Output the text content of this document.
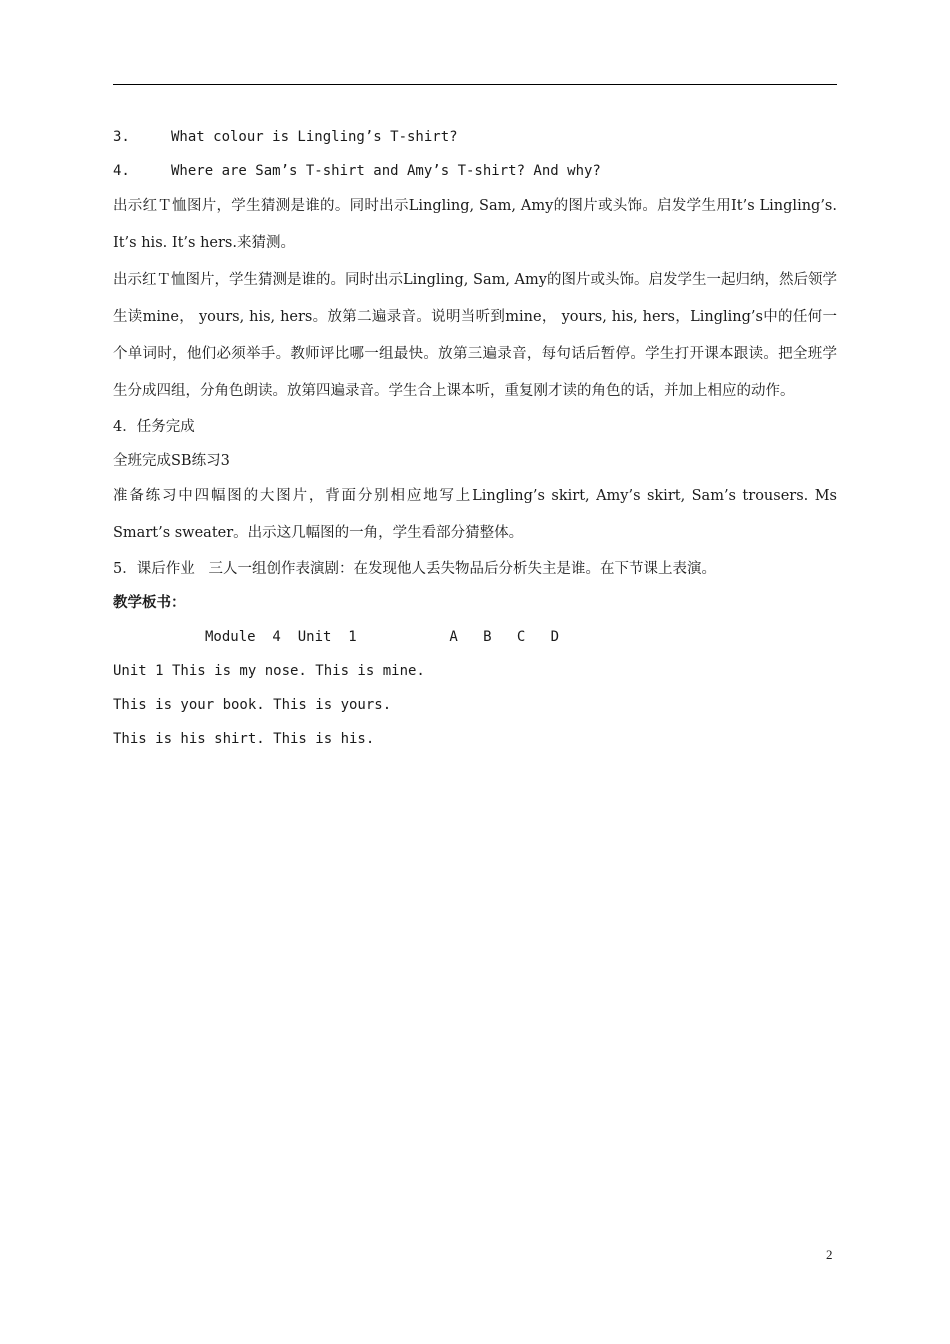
3.	What colour is Lingling’s T-shirt?
4.	Where are Sam’s T-shirt and Amy’s T-shirt? And why?

出示红Ｔ恤图片，学生猜测是谁的。同时出示Lingling, Sam, Amy的图片或头饰。启发学生用It’s Lingling’s. It’s his. It’s hers.来猜测。

出示红Ｔ恤图片，学生猜测是谁的。同时出示Lingling, Sam, Amy的图片或头饰。启发学生一起归纳，然后领学生读mine， yours, his, hers。放第二遍录音。说明当听到mine， yours, his, hers，Lingling’s中的任何一个单词时，他们必须举手。教师评比哪一组最快。放第三遍录音，每句话后暂停。学生打开课本跟读。把全班学生分成四组，分角色朗读。放第四遍录音。学生合上课本听，重复刚才读的角色的话，并加上相应的动作。

4．任务完成
全班完成SB练习3

准备练习中四幅图的大图片，背面分别相应地写上Lingling’s skirt, Amy’s skirt, Sam’s trousers. Ms Smart’s sweater。出示这几幅图的一角，学生看部分猜整体。

5．课后作业   三人一组创作表演剧：在发现他人丢失物品后分析失主是谁。在下节课上表演。
教学板书：
Module  4  Unit  1           A   B   C   D
Unit 1 This is my nose. This is mine.
This is your book. This is yours.
This is his shirt. This is his.
2
